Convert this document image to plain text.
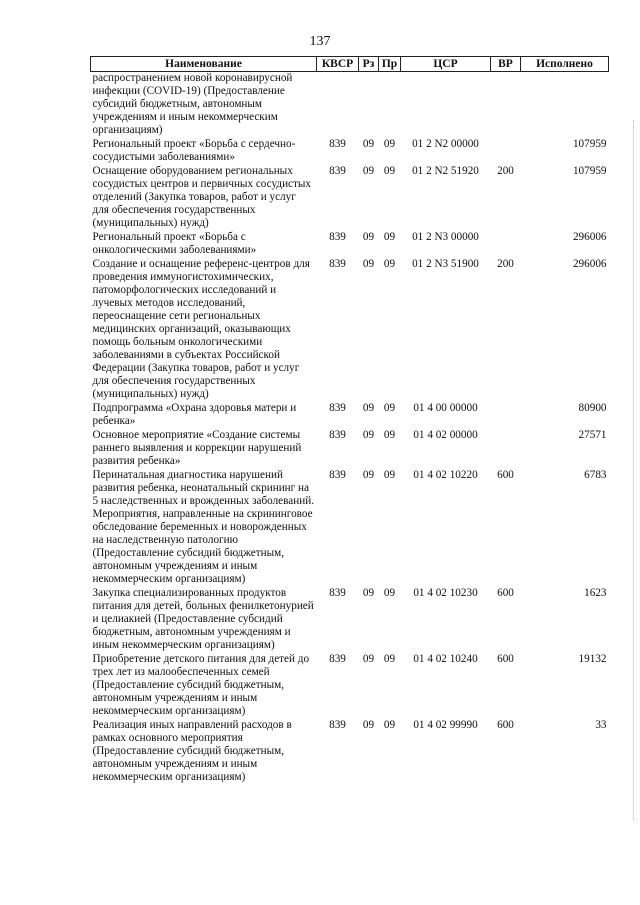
137
Наименование	КВСР	Рз	Пр	ЦСР	ВР	Исполнено
распространением новой коронавирусной инфекции (COVID-19) (Предоставление субсидий бюджетным, автономным учреждениям и иным некоммерческим организациям)						
Региональный проект «Борьба с сердечно-сосудистыми заболеваниями»	839	09	09	01 2 N2 00000		107959
Оснащение оборудованием региональных сосудистых центров и первичных сосудистых отделений (Закупка товаров, работ и услуг для обеспечения государственных (муниципальных) нужд)	839	09	09	01 2 N2 51920	200	107959
Региональный проект «Борьба с онкологическими заболеваниями»	839	09	09	01 2 N3 00000		296006
Создание и оснащение референс-центров для проведения иммуногистохимических, патоморфологических исследований и лучевых методов исследований, переоснащение сети региональных медицинских организаций, оказывающих помощь больным онкологическими заболеваниями в субъектах Российской Федерации (Закупка товаров, работ и услуг для обеспечения государственных (муниципальных) нужд)	839	09	09	01 2 N3 51900	200	296006
Подпрограмма «Охрана здоровья матери и ребенка»	839	09	09	01 4 00 00000		80900
Основное мероприятие «Создание системы раннего выявления и коррекции нарушений развития ребенка»	839	09	09	01 4 02 00000		27571
Перинатальная диагностика нарушений развития ребенка, неонатальный скрининг на 5 наследственных и врожденных заболеваний. Мероприятия, направленные на скрининговое обследование беременных и новорожденных на наследственную патологию (Предоставление субсидий бюджетным, автономным учреждениям и иным некоммерческим организациям)	839	09	09	01 4 02 10220	600	6783
Закупка специализированных продуктов питания для детей, больных фенилкетонурией и целиакией (Предоставление субсидий бюджетным, автономным учреждениям и иным некоммерческим организациям)	839	09	09	01 4 02 10230	600	1623
Приобретение детского питания для детей до трех лет из малообеспеченных семей (Предоставление субсидий бюджетным, автономным учреждениям и иным некоммерческим организациям)	839	09	09	01 4 02 10240	600	19132
Реализация иных направлений расходов в рамках основного мероприятия (Предоставление субсидий бюджетным, автономным учреждениям и иным некоммерческим организациям)	839	09	09	01 4 02 99990	600	33
